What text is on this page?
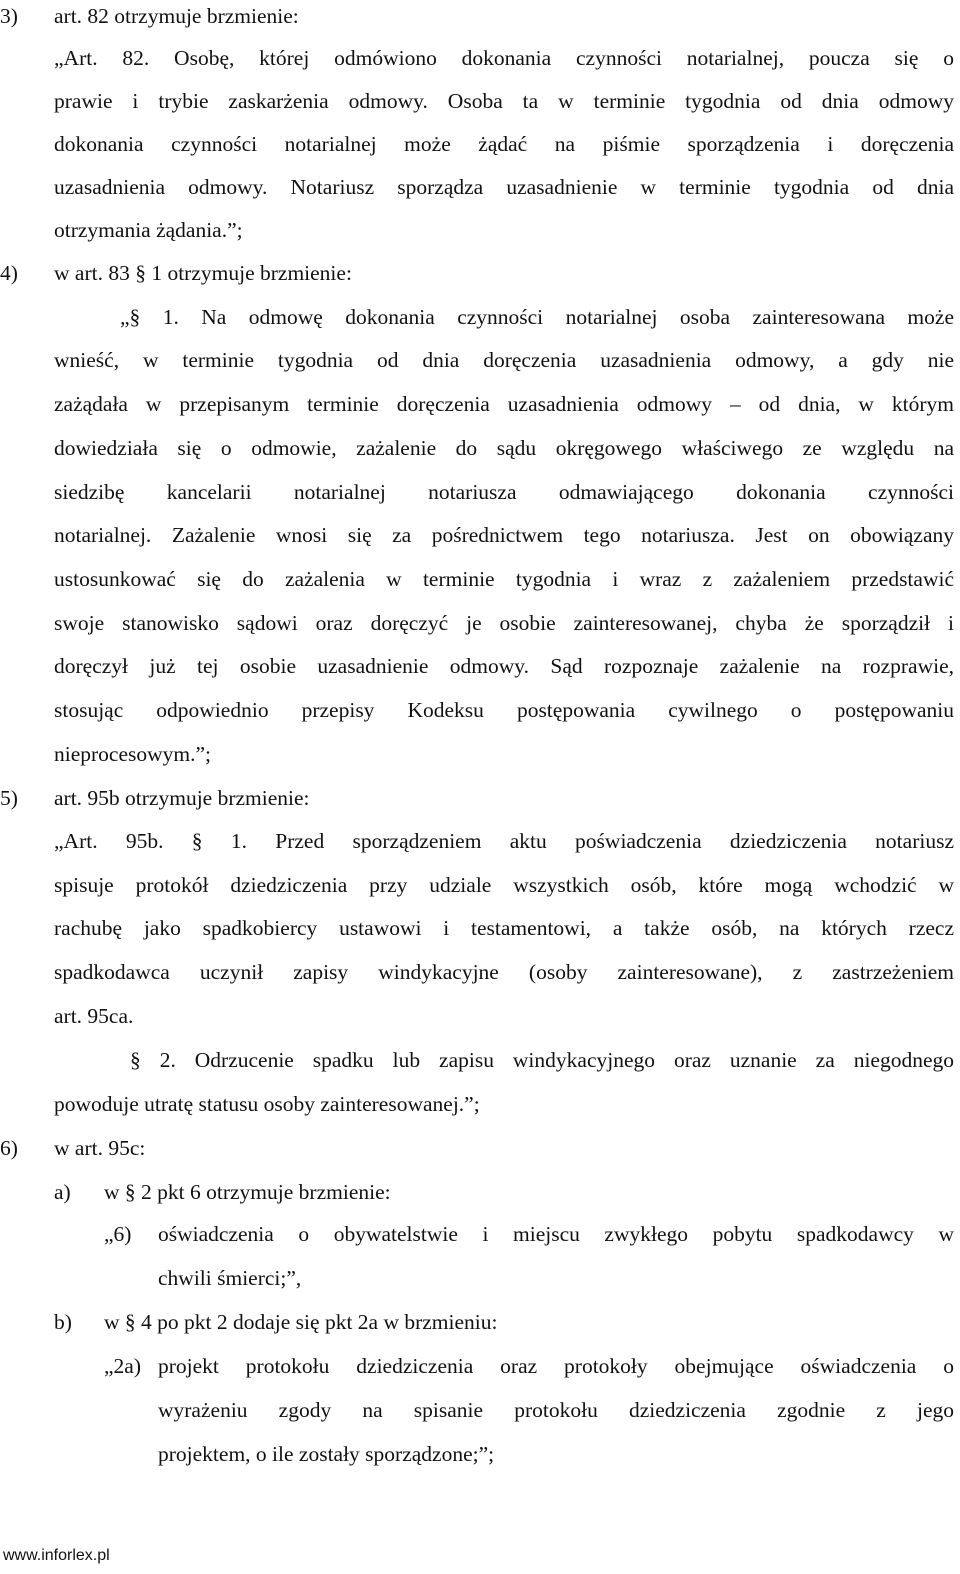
3) art. 82 otrzymuje brzmienie:
„Art. 82. Osobę, której odmówiono dokonania czynności notarialnej, poucza się o
prawie i trybie zaskarżenia odmowy. Osoba ta w terminie tygodnia od dnia odmowy
dokonania czynności notarialnej może żądać na piśmie sporządzenia i doręczenia
uzasadnienia odmowy. Notariusz sporządza uzasadnienie w terminie tygodnia od dnia
otrzymania żądania.”;
4) w art. 83 § 1 otrzymuje brzmienie:
„§ 1. Na odmowę dokonania czynności notarialnej osoba zainteresowana może
wnieść, w terminie tygodnia od dnia doręczenia uzasadnienia odmowy, a gdy nie
zażądała w przepisanym terminie doręczenia uzasadnienia odmowy – od dnia, w którym
dowiedziała się o odmowie, zażalenie do sądu okręgowego właściwego ze względu na
siedzibę kancelarii notarialnej notariusza odmawiającego dokonania czynności
notarialnej. Zażalenie wnosi się za pośrednictwem tego notariusza. Jest on obowiązany
ustosunkować się do zażalenia w terminie tygodnia i wraz z zażaleniem przedstawić
swoje stanowisko sądowi oraz doręczyć je osobie zainteresowanej, chyba że sporządził i
doręczył już tej osobie uzasadnienie odmowy. Sąd rozpoznaje zażalenie na rozprawie,
stosując odpowiednio przepisy Kodeksu postępowania cywilnego o postępowaniu
nieprocesowym.”;
5) art. 95b otrzymuje brzmienie:
„Art. 95b. § 1. Przed sporządzeniem aktu poświadczenia dziedziczenia notariusz
spisuje protokół dziedziczenia przy udziale wszystkich osób, które mogą wchodzić w
rachubę jako spadkobiercy ustawowi i testamentowi, a także osób, na których rzecz
spadkodawca uczynił zapisy windykacyjne (osoby zainteresowane), z zastrzeżeniem
art. 95ca.
§ 2. Odrzucenie spadku lub zapisu windykacyjnego oraz uznanie za niegodnego
powoduje utratę statusu osoby zainteresowanej.”;
6) w art. 95c:
a) w § 2 pkt 6 otrzymuje brzmienie:
„6) oświadczenia o obywatelstwie i miejscu zwykłego pobytu spadkodawcy w
chwili śmierci;”,
b) w § 4 po pkt 2 dodaje się pkt 2a w brzmieniu:
„2a) projekt protokołu dziedziczenia oraz protokoły obejmujące oświadczenia o
wyrażeniu zgody na spisanie protokołu dziedziczenia zgodnie z jego
projektem, o ile zostały sporządzone;”;
www.inforlex.pl
